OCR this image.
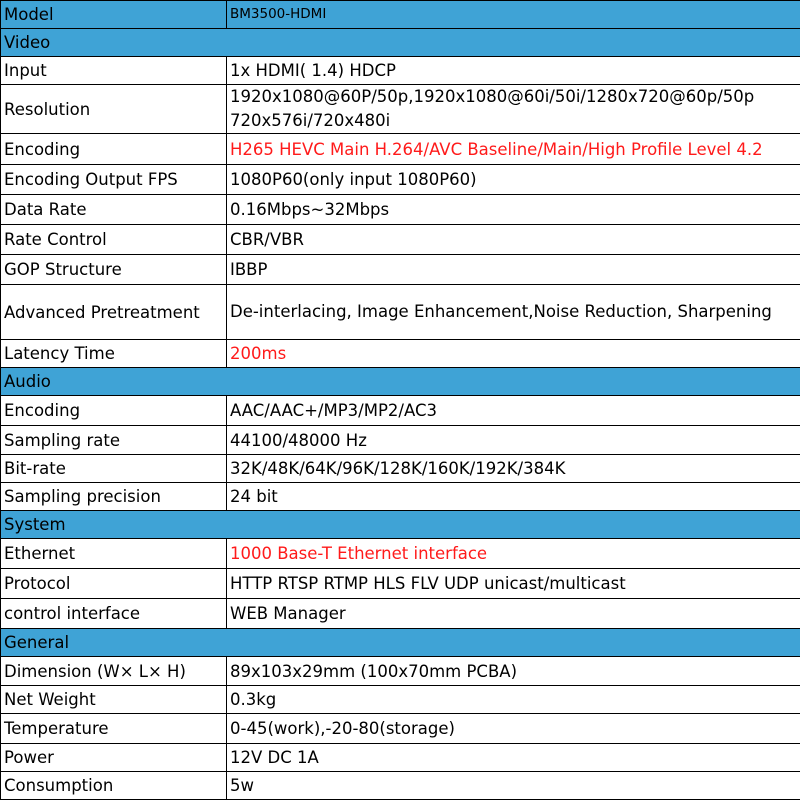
Model	BM3500-HDMI
Video	
Input	1x HDMI( 1.4) HDCP
Resolution	1920x1080@60P/50p,1920x1080@60i/50i/1280x720@60p/50p 720x576i/720x480i
Encoding	H265 HEVC Main H.264/AVC Baseline/Main/High Profile Level 4.2
Encoding Output FPS	1080P60(only input 1080P60)
Data Rate	0.16Mbps~32Mbps
Rate Control	CBR/VBR
GOP Structure	IBBP
Advanced Pretreatment	De-interlacing, Image Enhancement,Noise Reduction, Sharpening
Latency Time	200ms
Audio	
Encoding	AAC/AAC+/MP3/MP2/AC3
Sampling rate	44100/48000 Hz
Bit-rate	32K/48K/64K/96K/128K/160K/192K/384K
Sampling precision	24 bit
System	
Ethernet	1000 Base-T Ethernet interface
Protocol	HTTP RTSP RTMP HLS FLV UDP unicast/multicast
control interface	WEB Manager
General	
Dimension (W× L× H)	89x103x29mm (100x70mm PCBA)
Net Weight	0.3kg
Temperature	0-45(work),-20-80(storage)
Power	12V DC 1A
Consumption	5w
